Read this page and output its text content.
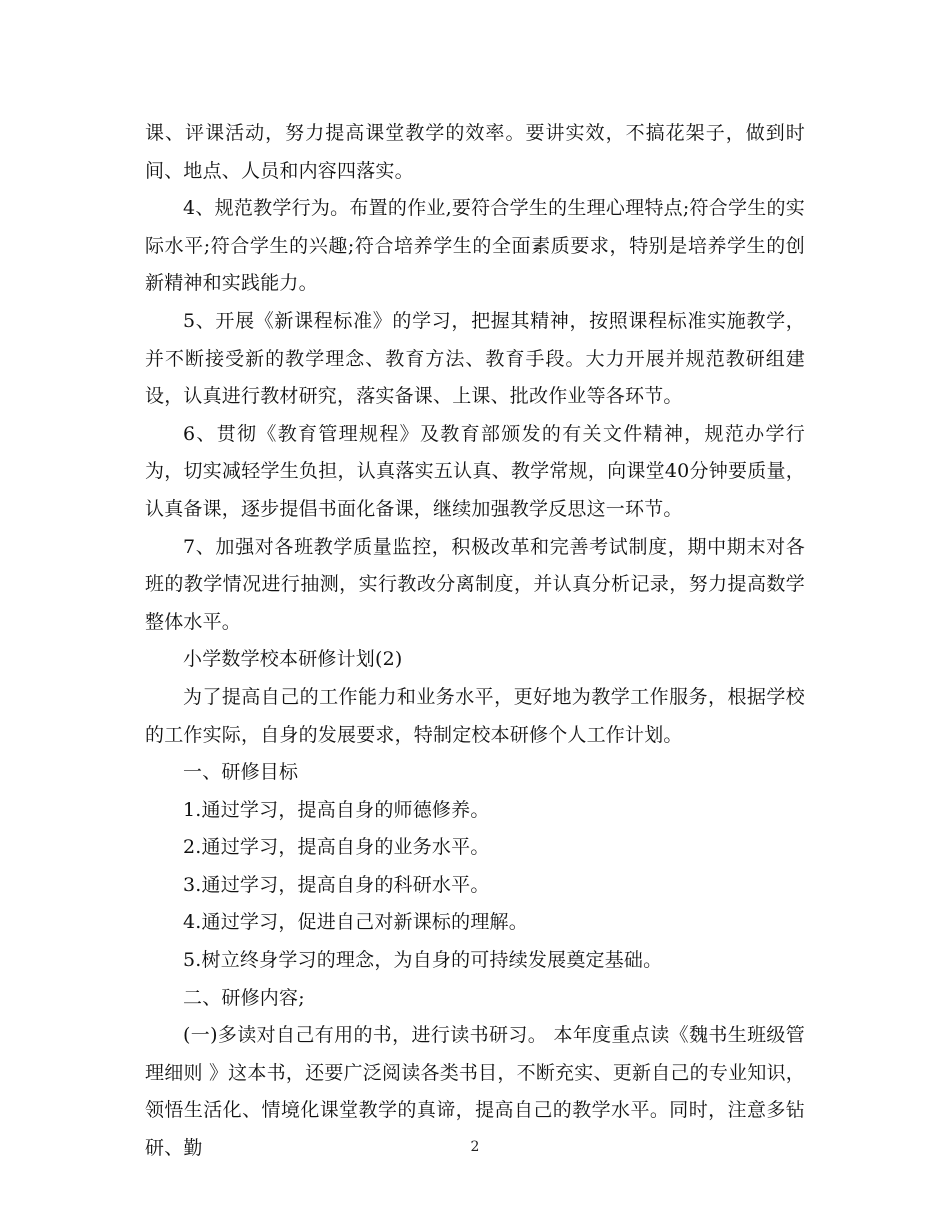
课、评课活动，努力提高课堂教学的效率。要讲实效，不搞花架子，做到时间、地点、人员和内容四落实。

4、规范教学行为。布置的作业,要符合学生的生理心理特点;符合学生的实际水平;符合学生的兴趣;符合培养学生的全面素质要求，特别是培养学生的创新精神和实践能力。

5、开展《新课程标准》的学习，把握其精神，按照课程标准实施教学，并不断接受新的教学理念、教育方法、教育手段。大力开展并规范教研组建设，认真进行教材研究，落实备课、上课、批改作业等各环节。

6、贯彻《教育管理规程》及教育部颁发的有关文件精神，规范办学行为，切实减轻学生负担，认真落实五认真、教学常规，向课堂40分钟要质量，认真备课，逐步提倡书面化备课，继续加强教学反思这一环节。

7、加强对各班教学质量监控，积极改革和完善考试制度，期中期末对各班的教学情况进行抽测，实行教改分离制度，并认真分析记录，努力提高数学整体水平。

小学数学校本研修计划(2)

为了提高自己的工作能力和业务水平，更好地为教学工作服务，根据学校的工作实际，自身的发展要求，特制定校本研修个人工作计划。

一、研修目标

1.通过学习，提高自身的师德修养。

2.通过学习，提高自身的业务水平。

3.通过学习，提高自身的科研水平。

4.通过学习，促进自己对新课标的理解。

5.树立终身学习的理念，为自身的可持续发展奠定基础。

二、研修内容;

(一)多读对自己有用的书，进行读书研习。 本年度重点读《魏书生班级管理细则 》这本书，还要广泛阅读各类书目，不断充实、更新自己的专业知识，领悟生活化、情境化课堂教学的真谛，提高自己的教学水平。同时，注意多钻研、勤	2
